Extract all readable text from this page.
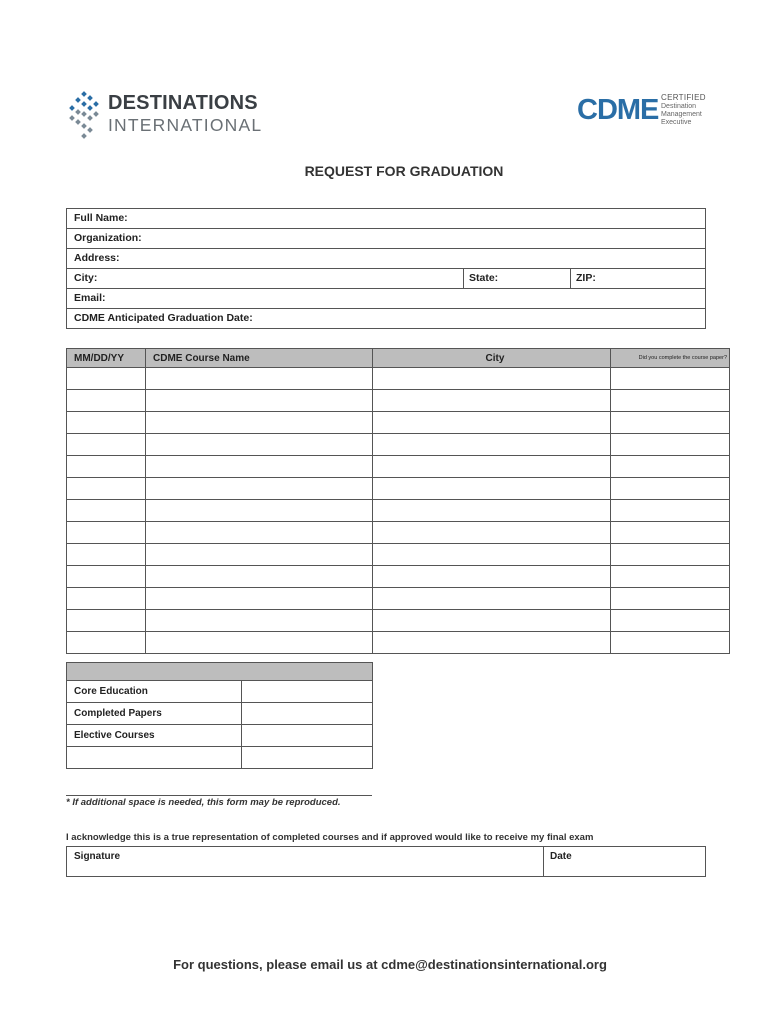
DESTINATIONS
INTERNATIONAL	CDME CERTIFIED
Destination
Management
Executive
REQUEST FOR GRADUATION
Full Name:
Organization:
Address:
City:	State:	ZIP:
Email:
CDME Anticipated Graduation Date:
MM/DD/YY	CDME Course Name	City	Did you complete the course paper?

Core Education	
Completed Papers	
Elective Courses	

* If additional space is needed, this form may be reproduced.
I acknowledge this is a true representation of completed courses and if approved would like to receive my final exam
Signature	Date
For questions, please email us at cdme@destinationsinternational.org
